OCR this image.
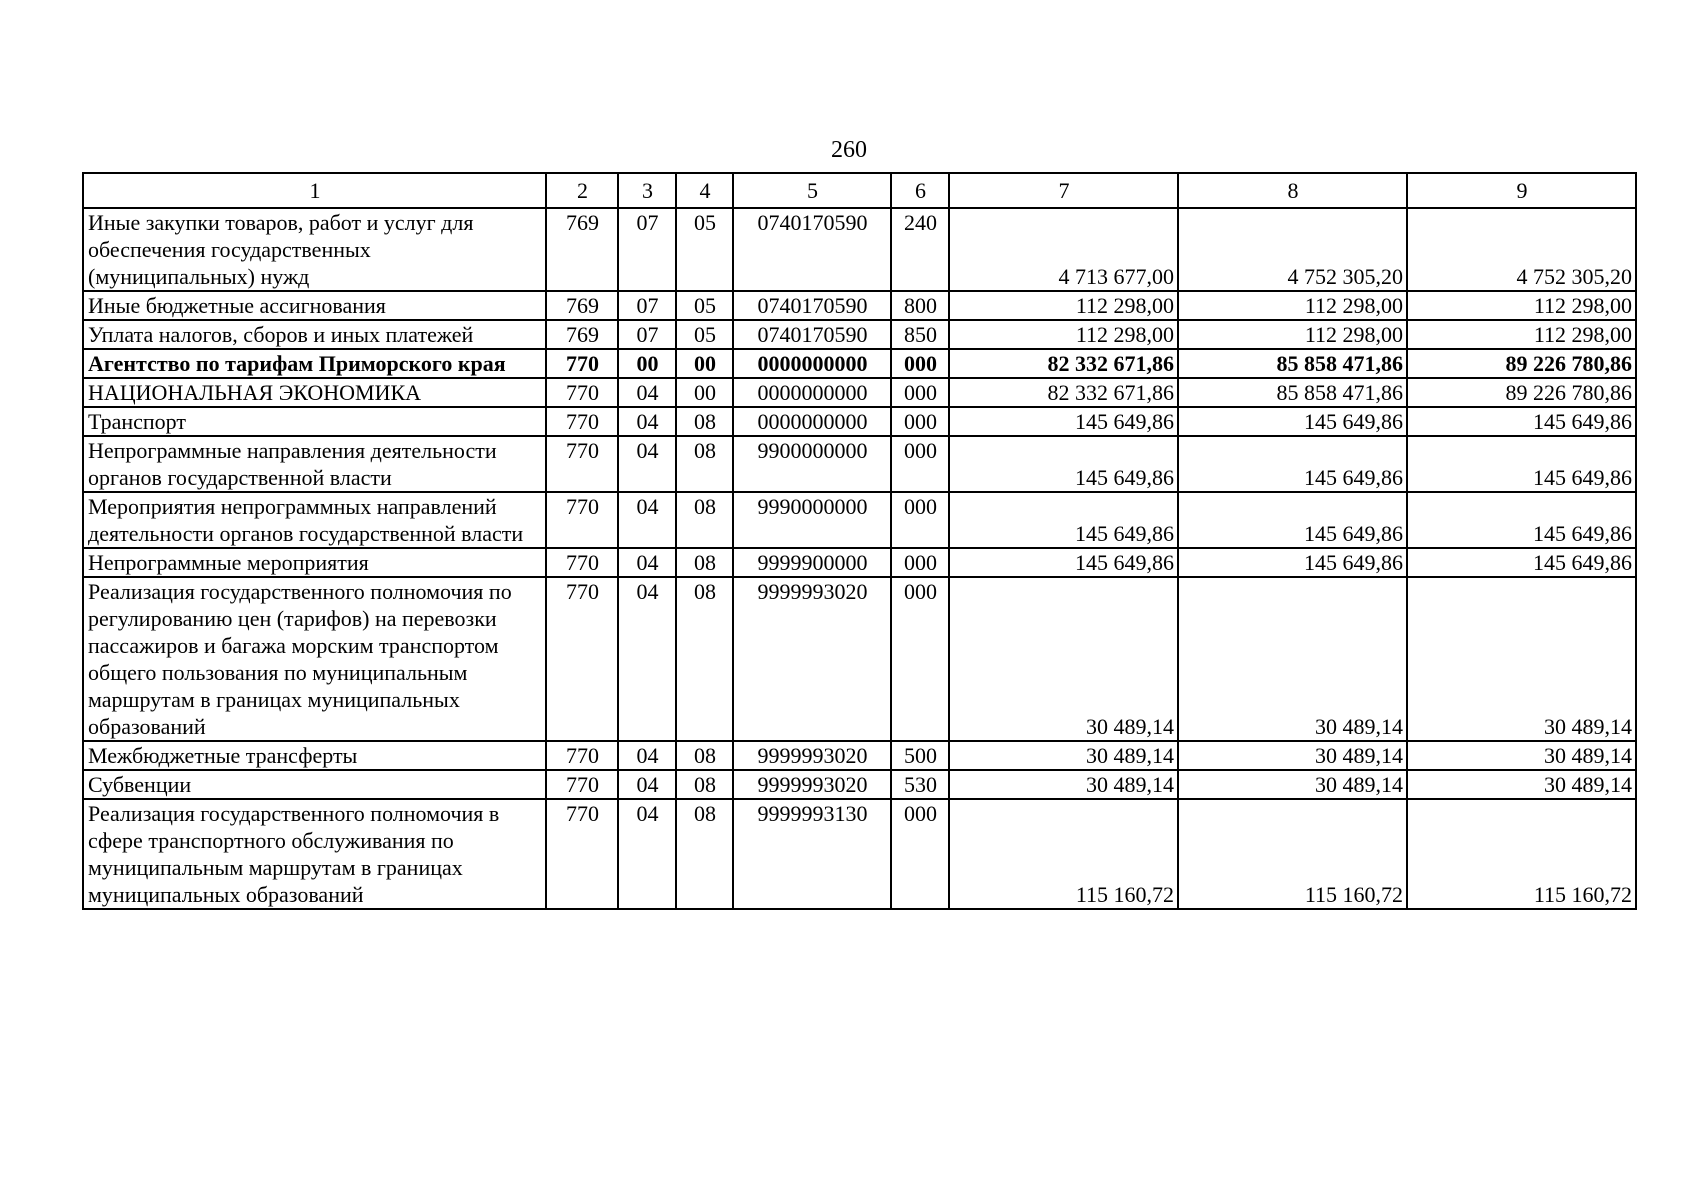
260
1	2	3	4	5	6	7	8	9
Иные закупки товаров, работ и услуг для обеспечения государственных (муниципальных) нужд	769	07	05	0740170590	240	4 713 677,00	4 752 305,20	4 752 305,20
Иные бюджетные ассигнования	769	07	05	0740170590	800	112 298,00	112 298,00	112 298,00
Уплата налогов, сборов и иных платежей	769	07	05	0740170590	850	112 298,00	112 298,00	112 298,00
Агентство по тарифам Приморского края	770	00	00	0000000000	000	82 332 671,86	85 858 471,86	89 226 780,86
НАЦИОНАЛЬНАЯ ЭКОНОМИКА	770	04	00	0000000000	000	82 332 671,86	85 858 471,86	89 226 780,86
Транспорт	770	04	08	0000000000	000	145 649,86	145 649,86	145 649,86
Непрограммные направления деятельности органов государственной власти	770	04	08	9900000000	000	145 649,86	145 649,86	145 649,86
Мероприятия непрограммных направлений деятельности органов государственной власти	770	04	08	9990000000	000	145 649,86	145 649,86	145 649,86
Непрограммные мероприятия	770	04	08	9999900000	000	145 649,86	145 649,86	145 649,86
Реализация государственного полномочия по регулированию цен (тарифов) на перевозки пассажиров и багажа морским транспортом общего пользования по муниципальным маршрутам в границах муниципальных образований	770	04	08	9999993020	000	30 489,14	30 489,14	30 489,14
Межбюджетные трансферты	770	04	08	9999993020	500	30 489,14	30 489,14	30 489,14
Субвенции	770	04	08	9999993020	530	30 489,14	30 489,14	30 489,14
Реализация государственного полномочия в сфере транспортного обслуживания по муниципальным маршрутам в границах муниципальных образований	770	04	08	9999993130	000	115 160,72	115 160,72	115 160,72
